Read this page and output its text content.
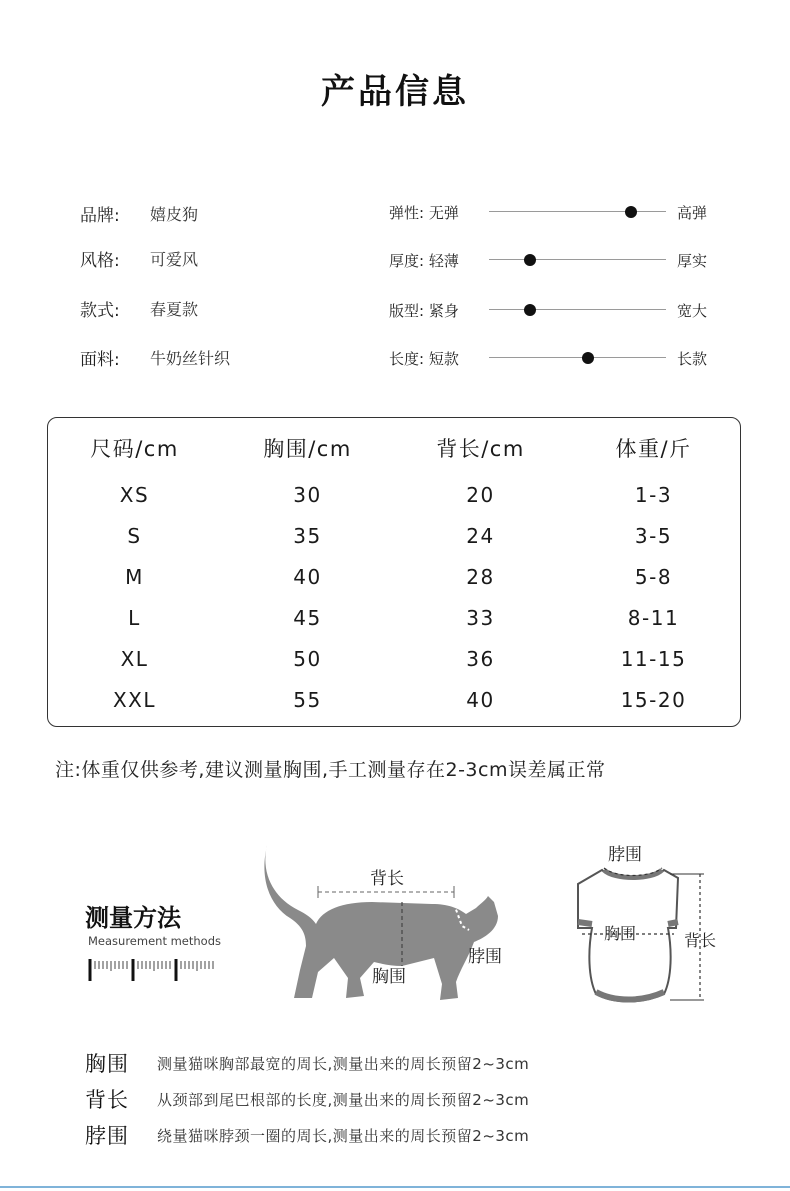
产品信息
品牌:	嬉皮狗
风格:	可爱风
款式:	春夏款
面料:	牛奶丝针织
弹性: 无弹	高弹
厚度: 轻薄	厚实
版型: 紧身	宽大
长度: 短款	长款
尺码/cm	胸围/cm	背长/cm	体重/斤
XS	30	20	1-3
S	35	24	3-5
M	40	28	5-8
L	45	33	8-11
XL	50	36	11-15
XXL	55	40	15-20
注:体重仅供参考,建议测量胸围,手工测量存在2-3cm误差属正常
测量方法
Measurement methods
背长
脖围
胸围
脖围
胸围	背长
胸围	测量猫咪胸部最宽的周长,测量出来的周长预留2~3cm
背长	从颈部到尾巴根部的长度,测量出来的周长预留2~3cm
脖围	绕量猫咪脖颈一圈的周长,测量出来的周长预留2~3cm
